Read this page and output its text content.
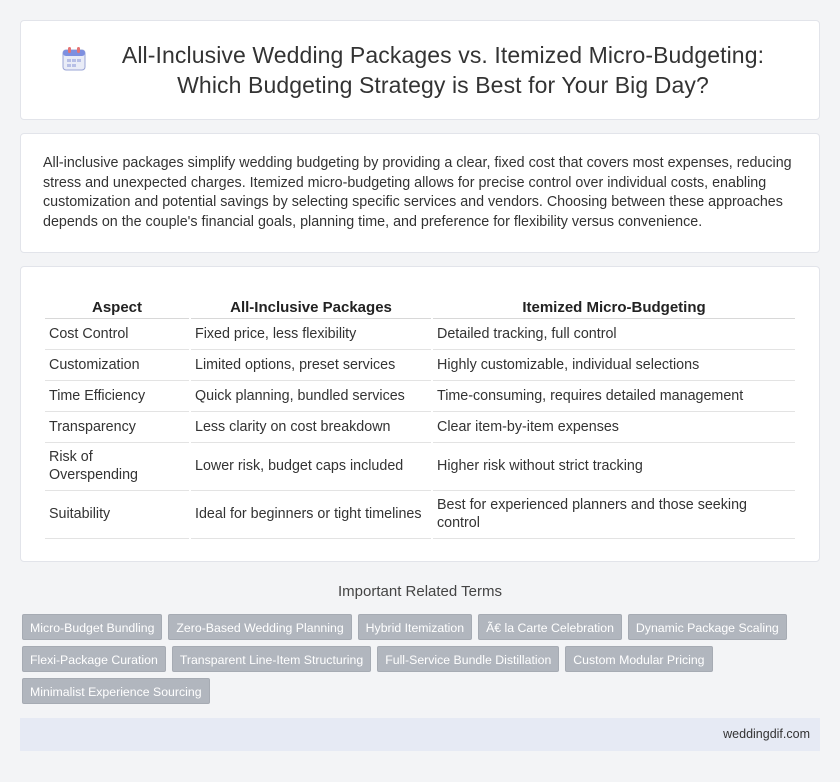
All-Inclusive Wedding Packages vs. Itemized Micro-Budgeting: Which Budgeting Strategy is Best for Your Big Day?

All-inclusive packages simplify wedding budgeting by providing a clear, fixed cost that covers most expenses, reducing stress and unexpected charges. Itemized micro-budgeting allows for precise control over individual costs, enabling customization and potential savings by selecting specific services and vendors. Choosing between these approaches depends on the couple's financial goals, planning time, and preference for flexibility versus convenience.

Aspect	All-Inclusive Packages	Itemized Micro-Budgeting
Cost Control	Fixed price, less flexibility	Detailed tracking, full control
Customization	Limited options, preset services	Highly customizable, individual selections
Time Efficiency	Quick planning, bundled services	Time-consuming, requires detailed management
Transparency	Less clarity on cost breakdown	Clear item-by-item expenses
Risk of Overspending	Lower risk, budget caps included	Higher risk without strict tracking
Suitability	Ideal for beginners or tight timelines	Best for experienced planners and those seeking control
Important Related Terms
Micro-Budget Bundling	Zero-Based Wedding Planning	Hybrid Itemization	Ã€ la Carte Celebration	Dynamic Package Scaling
Flexi-Package Curation	Transparent Line-Item Structuring	Full-Service Bundle Distillation	Custom Modular Pricing
Minimalist Experience Sourcing
weddingdif.com
